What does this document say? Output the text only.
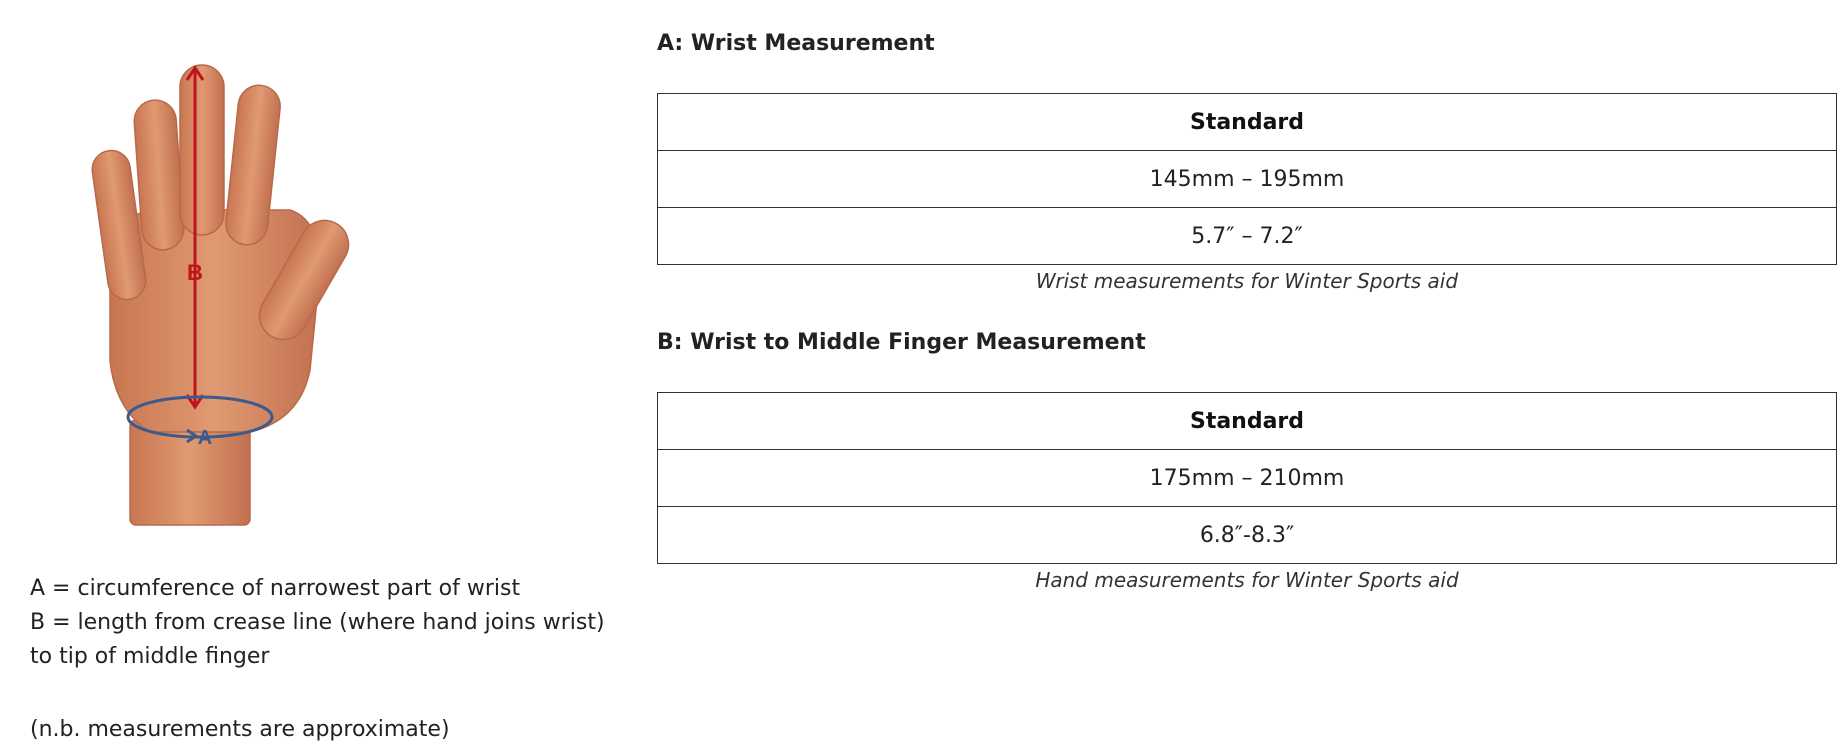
B
A

A = circumference of narrowest part of wrist

B = length from crease line (where hand joins wrist) to tip of middle finger

(n.b. measurements are approximate)

A: Wrist Measurement
Standard
145mm – 195mm
5.7″ – 7.2″
Wrist measurements for Winter Sports aid
B: Wrist to Middle Finger Measurement
Standard
175mm – 210mm
6.8″-8.3″
Hand measurements for Winter Sports aid
